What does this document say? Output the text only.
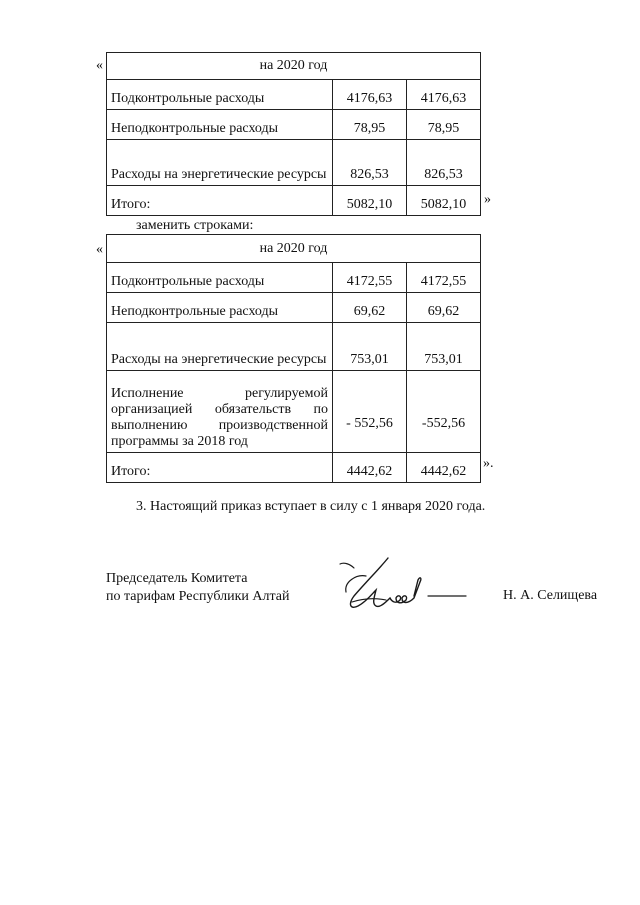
«	на 2020 год		
Подконтрольные расходы	4176,63	4176,63
Неподконтрольные расходы	78,95	78,95
Расходы на энергетические ресурсы	826,53	826,53
Итого:	5082,10	5082,10 »
заменить строками:
«	на 2020 год		
Подконтрольные расходы	4172,55	4172,55
Неподконтрольные расходы	69,62	69,62
Расходы на энергетические ресурсы	753,01	753,01
Исполнение регулируемой организацией обязательств по выполнению производственной программы за 2018 год	- 552,56	-552,56
Итого:	4442,62	4442,62
».
3. Настоящий приказ вступает в силу с 1 января 2020 года.
Председатель Комитета
по тарифам Республики Алтай	Н. А. Селищева
